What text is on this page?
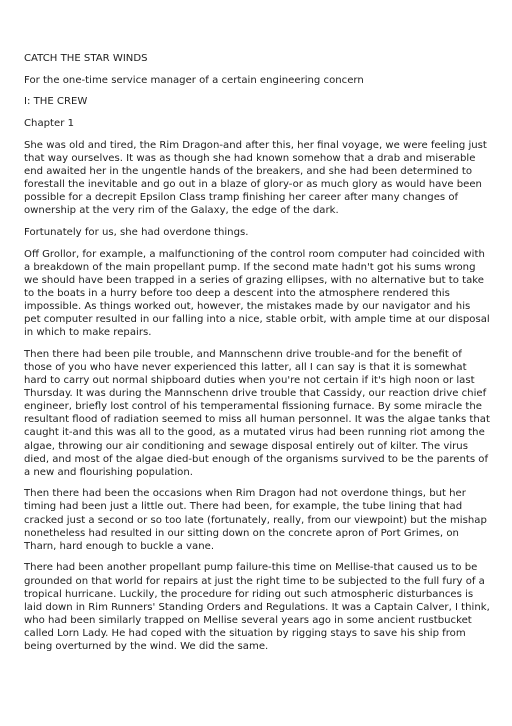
CATCH THE STAR WINDS

For the one-time service manager of a certain engineering concern

I: THE CREW

Chapter 1

She was old and tired, the Rim Dragon-and after this, her final voyage, we were feeling just that way ourselves. It was as though she had known somehow that a drab and miserable end awaited her in the ungentle hands of the breakers, and she had been determined to forestall the inevitable and go out in a blaze of glory-or as much glory as would have been possible for a decrepit Epsilon Class tramp finishing her career after many changes of ownership at the very rim of the Galaxy, the edge of the dark.

Fortunately for us, she had overdone things.

Off Grollor, for example, a malfunctioning of the control room computer had coincided with a breakdown of the main propellant pump. If the second mate hadn't got his sums wrong we should have been trapped in a series of grazing ellipses, with no alternative but to take to the boats in a hurry before too deep a descent into the atmosphere rendered this impossible. As things worked out, however, the mistakes made by our navigator and his pet computer resulted in our falling into a nice, stable orbit, with ample time at our disposal in which to make repairs.

Then there had been pile trouble, and Mannschenn drive trouble-and for the benefit of those of you who have never experienced this latter, all I can say is that it is somewhat hard to carry out normal shipboard duties when you're not certain if it's high noon or last Thursday. It was during the Mannschenn drive trouble that Cassidy, our reaction drive chief engineer, briefly lost control of his temperamental fissioning furnace. By some miracle the resultant flood of radiation seemed to miss all human personnel. It was the algae tanks that caught it-and this was all to the good, as a mutated virus had been running riot among the algae, throwing our air conditioning and sewage disposal entirely out of kilter. The virus died, and most of the algae died-but enough of the organisms survived to be the parents of a new and flourishing population.

Then there had been the occasions when Rim Dragon had not overdone things, but her timing had been just a little out. There had been, for example, the tube lining that had cracked just a second or so too late (fortunately, really, from our viewpoint) but the mishap nonetheless had resulted in our sitting down on the concrete apron of Port Grimes, on Tharn, hard enough to buckle a vane.

There had been another propellant pump failure-this time on Mellise-that caused us to be grounded on that world for repairs at just the right time to be subjected to the full fury of a tropical hurricane. Luckily, the procedure for riding out such atmospheric disturbances is laid down in Rim Runners' Standing Orders and Regulations. It was a Captain Calver, I think, who had been similarly trapped on Mellise several years ago in some ancient rustbucket called Lorn Lady. He had coped with the situation by rigging stays to save his ship from being overturned by the wind. We did the same.
